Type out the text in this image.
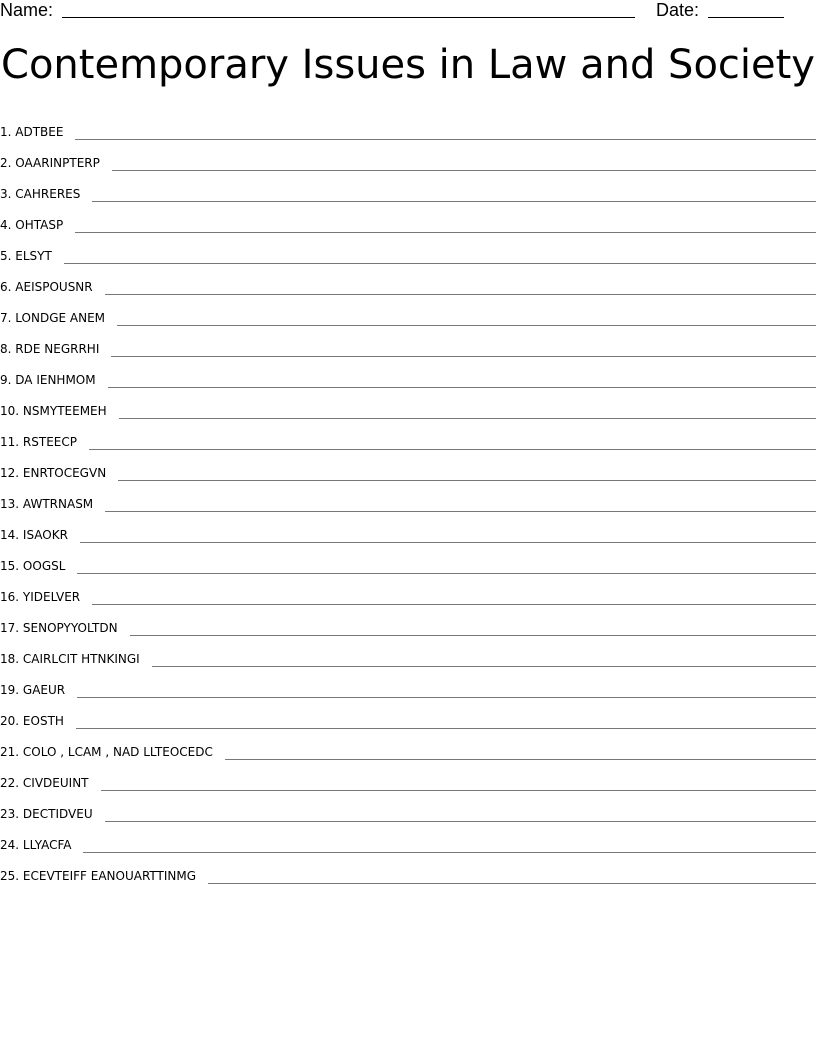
Name:	Date:
Contemporary Issues in Law and Society
1. ADTBEE
2. OAARINPTERP
3. CAHRERES
4. OHTASP
5. ELSYT
6. AEISPOUSNR
7. LONDGE ANEM
8. RDE NEGRRHI
9. DA IENHMOM
10. NSMYTEEMEH
11. RSTEECP
12. ENRTOCEGVN
13. AWTRNASM
14. ISAOKR
15. OOGSL
16. YIDELVER
17. SENOPYYOLTDN
18. CAIRLCIT HTNKINGI
19. GAEUR
20. EOSTH
21. COLO , LCAM , NAD LLTEOCEDC
22. CIVDEUINT
23. DECTIDVEU
24. LLYACFA
25. ECEVTEIFF EANOUARTTINMG
